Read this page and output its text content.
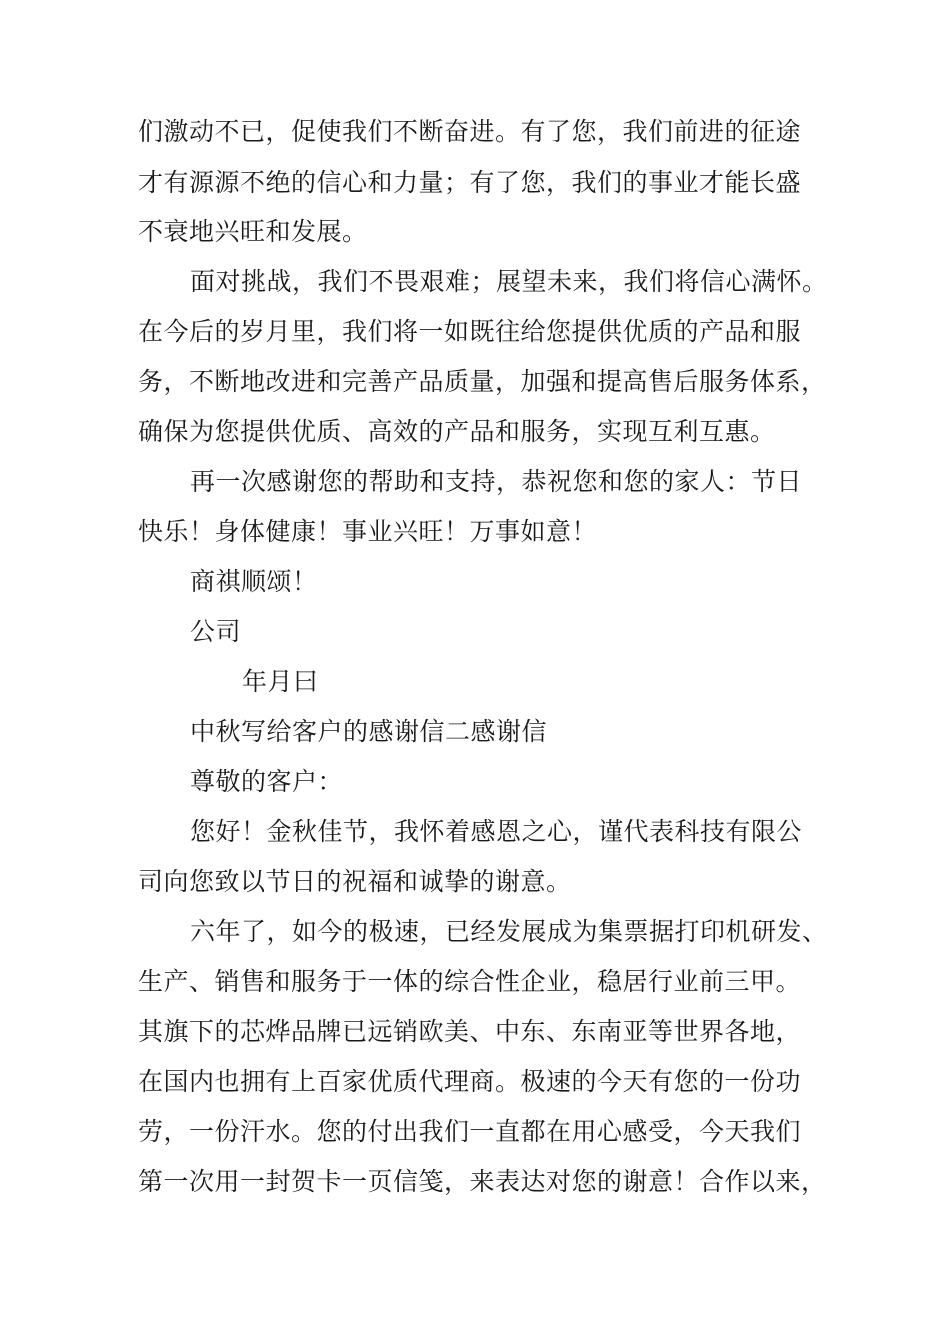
们激动不已，促使我们不断奋进。有了您，我们前进的征途
才有源源不绝的信心和力量；有了您，我们的事业才能长盛
不衰地兴旺和发展。
面对挑战，我们不畏艰难；展望未来，我们将信心满怀。
在今后的岁月里，我们将一如既往给您提供优质的产品和服
务，不断地改进和完善产品质量，加强和提高售后服务体系，
确保为您提供优质、高效的产品和服务，实现互利互惠。
再一次感谢您的帮助和支持，恭祝您和您的家人：节日
快乐！身体健康！事业兴旺！万事如意！
商祺顺颂！
公司
年月曰
中秋写给客户的感谢信二感谢信
尊敬的客户：
您好！金秋佳节，我怀着感恩之心，谨代表科技有限公
司向您致以节日的祝福和诚挚的谢意。
六年了，如今的极速，已经发展成为集票据打印机研发、
生产、销售和服务于一体的综合性企业，稳居行业前三甲。
其旗下的芯烨品牌已远销欧美、中东、东南亚等世界各地，
在国内也拥有上百家优质代理商。极速的今天有您的一份功
劳，一份汗水。您的付出我们一直都在用心感受，今天我们
第一次用一封贺卡一页信笺，来表达对您的谢意！合作以来，
